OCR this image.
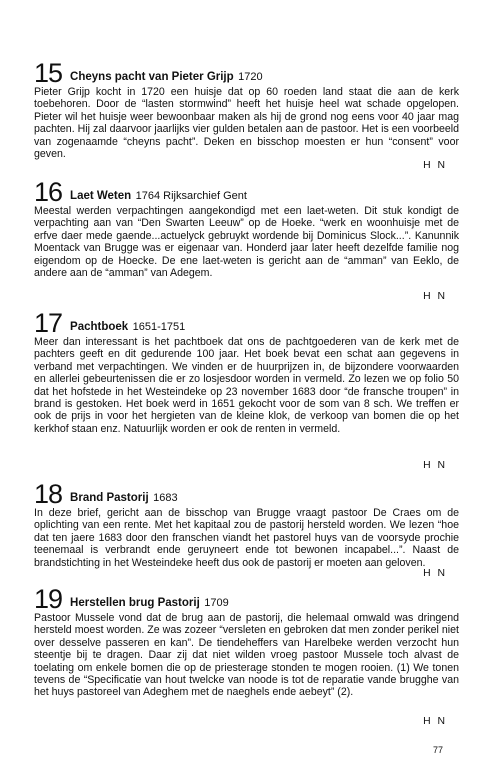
15 Cheyns pacht van Pieter Grijp 1720
Pieter Grijp kocht in 1720 een huisje dat op 60 roeden land staat die aan de kerk toebehoren. Door de “lasten stormwind” heeft het huisje heel wat schade opgelopen. Pieter wil het huisje weer bewoonbaar maken als hij de grond nog eens voor 40 jaar mag pachten. Hij zal daarvoor jaarlijks vier gulden betalen aan de pastoor. Het is een voorbeeld van zogenaamde “cheyns pacht”. Deken en bisschop moesten er hun “consent” voor geven.
H N
16 Laet Weten 1764 Rijksarchief Gent
Meestal werden verpachtingen aangekondigd met een laet-weten. Dit stuk kondigt de verpachting aan van “Den Swarten Leeuw” op de Hoeke. “werk en woonhuisje met de erfve daer mede gaende...actuelyck gebruykt wordende bij Dominicus Slock...”. Kanunnik Moentack van Brugge was er eigenaar van. Honderd jaar later heeft dezelfde familie nog eigendom op de Hoecke. De ene laet-weten is gericht aan de “amman” van Eeklo, de andere aan de “amman” van Adegem.
H N
17 Pachtboek 1651-1751
Meer dan interessant is het pachtboek dat ons de pachtgoederen van de kerk met de pachters geeft en dit gedurende 100 jaar. Het boek bevat een schat aan gegevens in verband met verpachtingen. We vinden er de huurprijzen in, de bijzondere voorwaarden en allerlei gebeurtenissen die er zo losjesdoor worden in vermeld. Zo lezen we op folio 50 dat het hofstede in het Westeindeke op 23 november 1683 door “de fransche troupen” in brand is gestoken. Het boek werd in 1651 gekocht voor de som van 8 sch. We treffen er ook de prijs in voor het hergieten van de kleine klok, de verkoop van bomen die op het kerkhof staan enz. Natuurlijk worden er ook de renten in vermeld.
H N
18 Brand Pastorij 1683
In deze brief, gericht aan de bisschop van Brugge vraagt pastoor De Craes om de oplichting van een rente. Met het kapitaal zou de pastorij hersteld worden. We lezen “hoe dat ten jaere 1683 door den franschen viandt het pastorel huys van de voorsyde prochie teenemaal is verbrandt ende geruyneert ende tot bewonen incapabel...”. Naast de brandstichting in het Westeindeke heeft dus ook de pastorij er moeten aan geloven.
H N
19 Herstellen brug Pastorij 1709
Pastoor Mussele vond dat de brug aan de pastorij, die helemaal omwald was dringend hersteld moest worden. Ze was zozeer “versleten en gebroken dat men zonder perikel niet over desselve passeren en kan”. De tiendeheffers van Harelbeke werden verzocht hun steentje bij te dragen. Daar zij dat niet wilden vroeg pastoor Mussele toch alvast de toelating om enkele bomen die op de priesterage stonden te mogen rooien. (1) We tonen tevens de “Specificatie van hout twelcke van noode is tot de reparatie vande brugghe van het huys pastoreel van Adeghem met de naeghels ende aebeyt” (2).
H N
77
